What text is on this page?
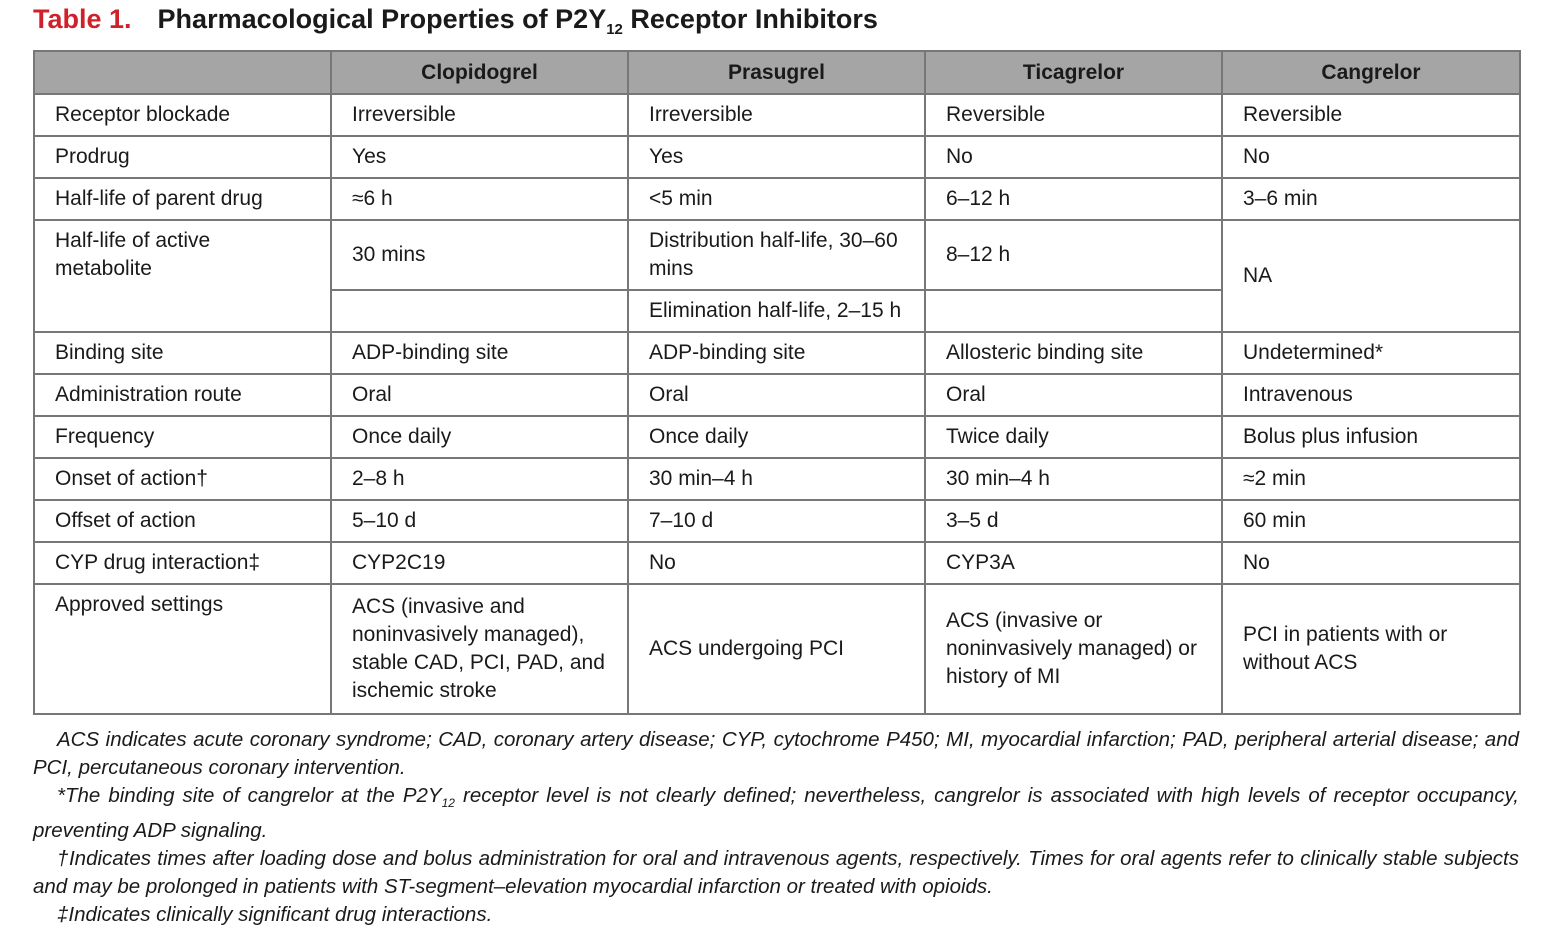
Table 1. Pharmacological Properties of $P2Y_{12}$ Receptor Inhibitors
	Clopidogrel	Prasugrel	Ticagrelor	Cangrelor
Receptor blockade	Irreversible	Irreversible	Reversible	Reversible
Prodrug	Yes	Yes	No	No
Half-life of parent drug	≈6 h	<5 min	6–12 h	3–6 min
Half-life of active metabolite	30 mins	Distribution half-life, 30–60 mins	8–12 h	NA
		Elimination half-life, 2–15 h		
Binding site	ADP-binding site	ADP-binding site	Allosteric binding site	Undetermined*
Administration route	Oral	Oral	Oral	Intravenous
Frequency	Once daily	Once daily	Twice daily	Bolus plus infusion
Onset of action†	2–8 h	30 min–4 h	30 min–4 h	≈2 min
Offset of action	5–10 d	7–10 d	3–5 d	60 min
CYP drug interaction‡	CYP2C19	No	CYP3A	No
Approved settings	ACS (invasive and noninvasively managed), stable CAD, PCI, PAD, and ischemic stroke	ACS undergoing PCI	ACS (invasive or noninvasively managed) or history of MI	PCI in patients with or without ACS

ACS indicates acute coronary syndrome; CAD, coronary artery disease; CYP, cytochrome P450; MI, myocardial infarction; PAD, peripheral arterial disease; and PCI, percutaneous coronary intervention.

*The binding site of cangrelor at the $P2Y_{12}$ receptor level is not clearly defined; nevertheless, cangrelor is associated with high levels of receptor occupancy, preventing ADP signaling.

†Indicates times after loading dose and bolus administration for oral and intravenous agents, respectively. Times for oral agents refer to clinically stable subjects and may be prolonged in patients with ST-segment–elevation myocardial infarction or treated with opioids.

‡Indicates clinically significant drug interactions.
